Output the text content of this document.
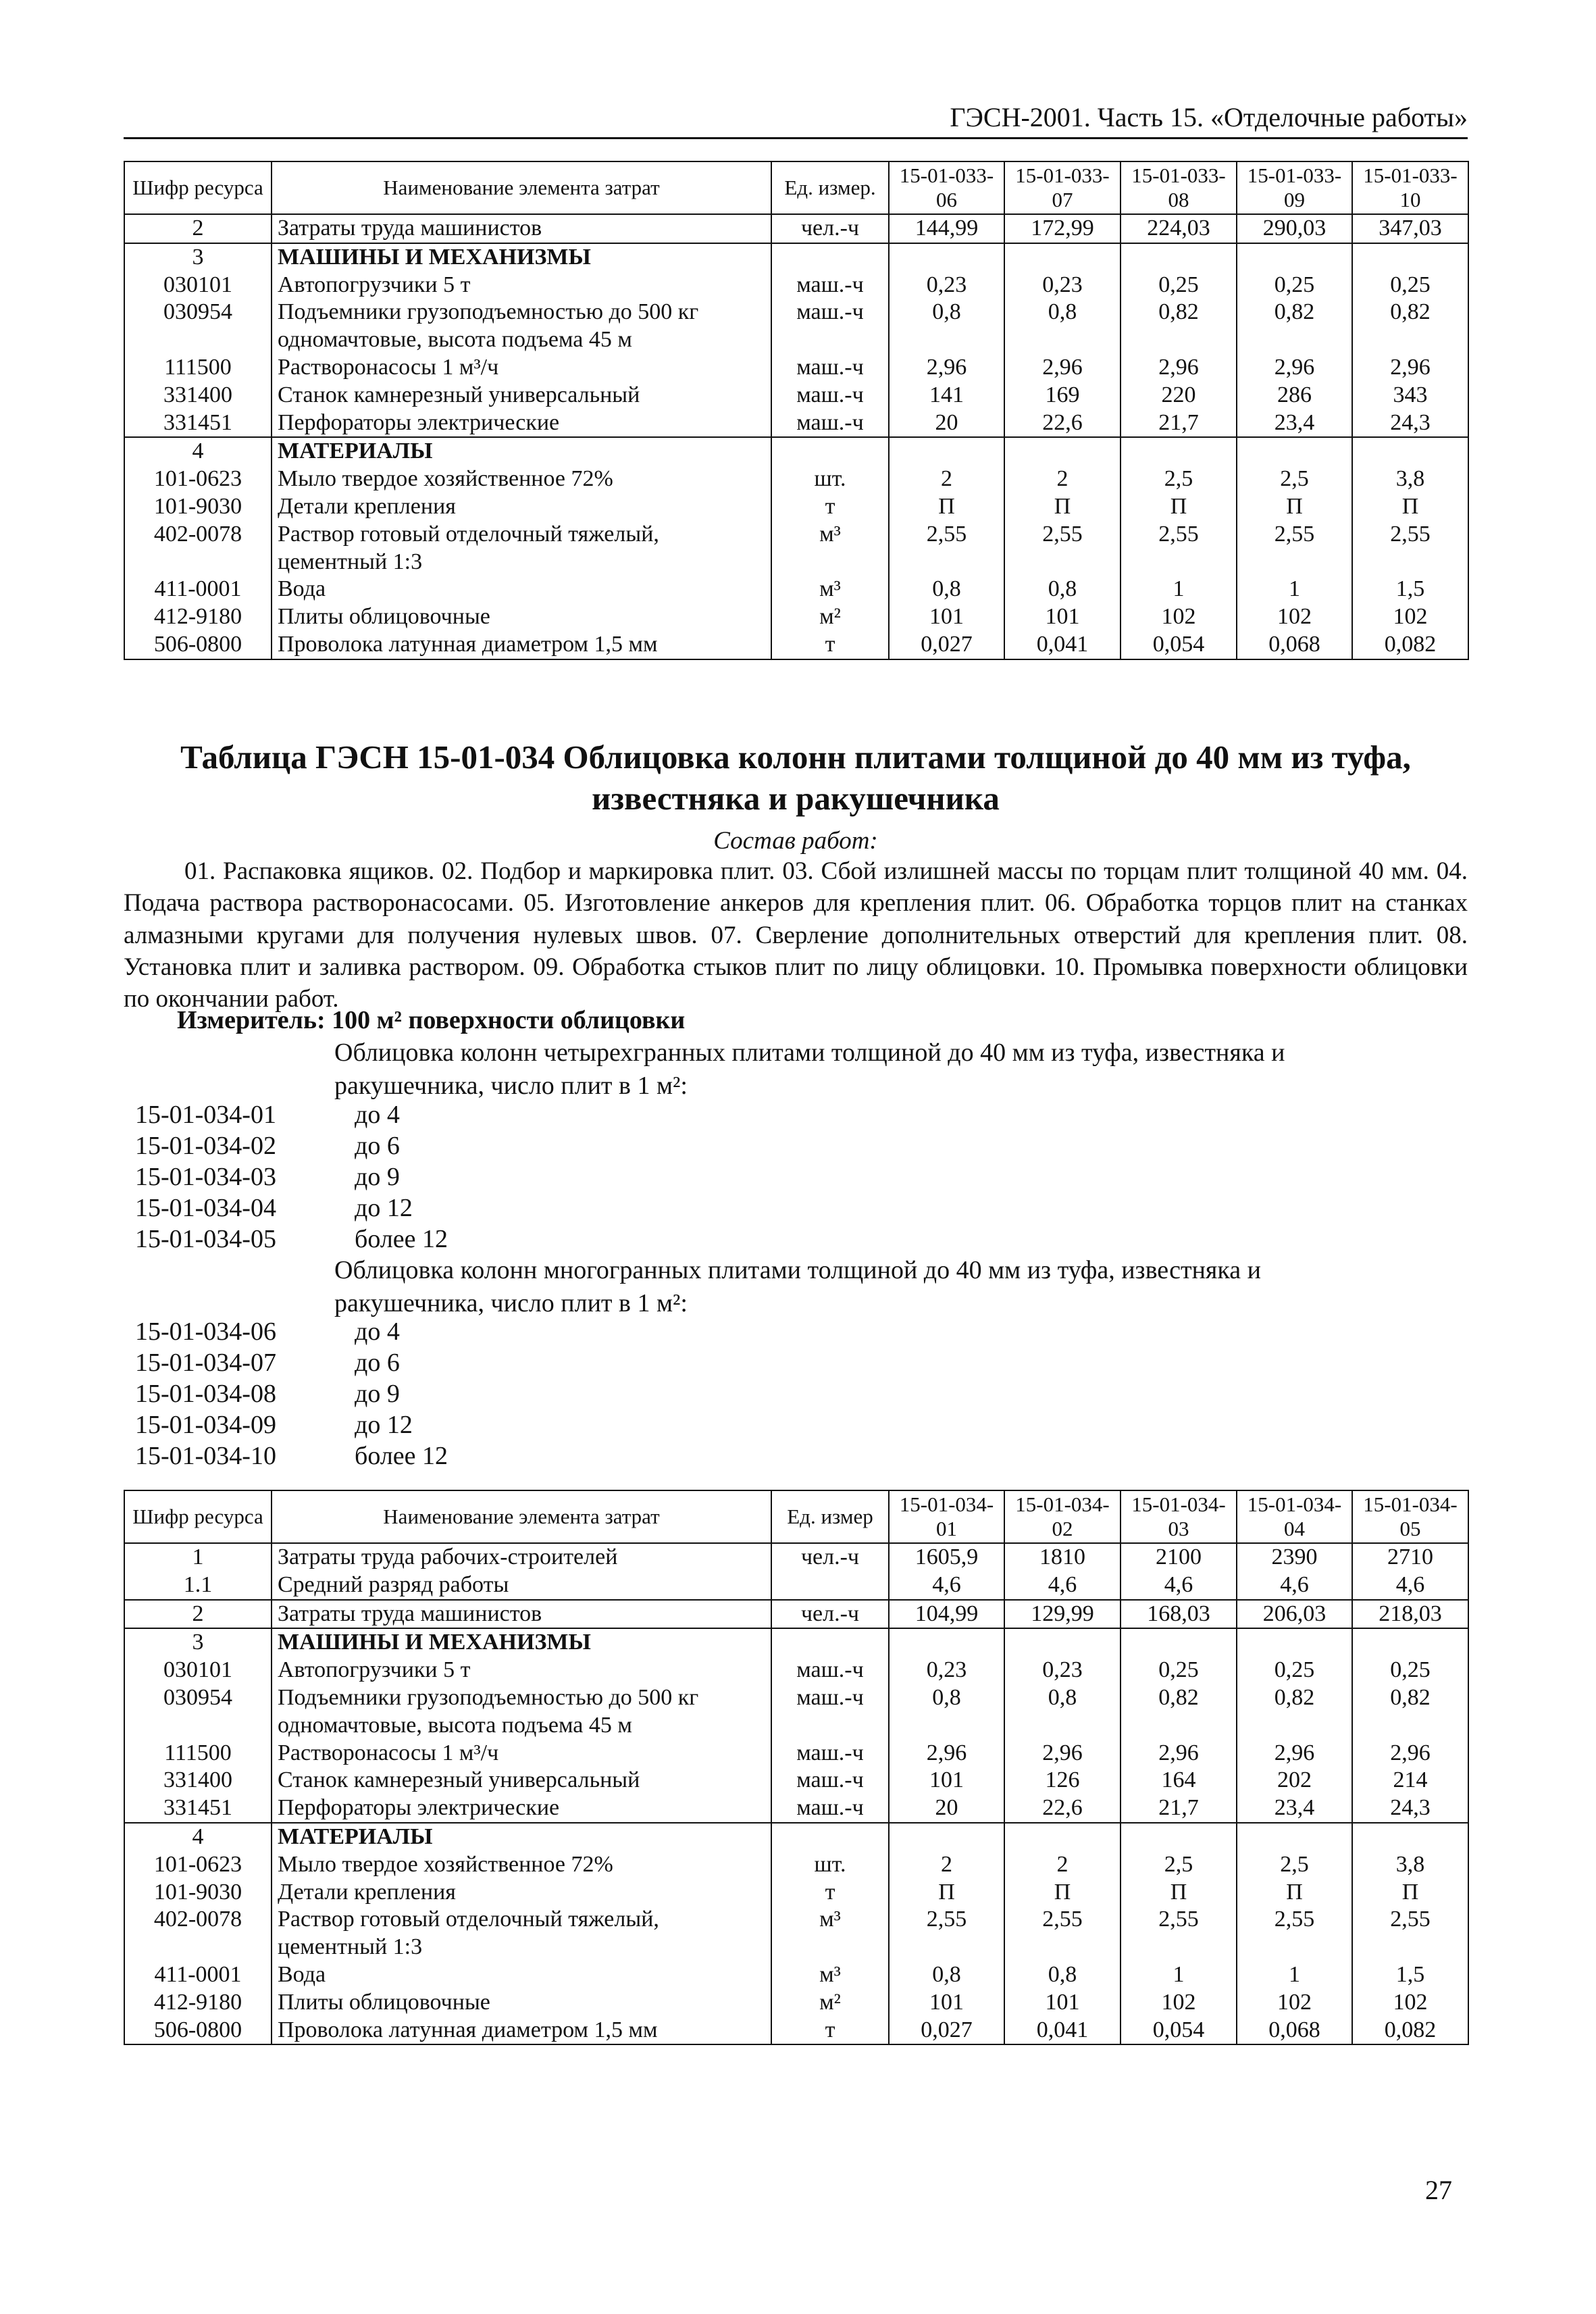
ГЭСН-2001. Часть 15. «Отделочные работы»
Шифр ресурса	Наименование элемента затрат	Ед. измер.	15-01-033-06	15-01-033-07	15-01-033-08	15-01-033-09	15-01-033-10
2	Затраты труда машинистов	чел.-ч	144,99	172,99	224,03	290,03	347,03
3	МАШИНЫ И МЕХАНИЗМЫ						
030101	Автопогрузчики 5 т	маш.-ч	0,23	0,23	0,25	0,25	0,25
030954	Подъемники грузоподъемностью до 500 кг одномачтовые, высота подъема 45 м	маш.-ч	0,8	0,8	0,82	0,82	0,82
111500	Растворонасосы 1 м³/ч	маш.-ч	2,96	2,96	2,96	2,96	2,96
331400	Станок камнерезный универсальный	маш.-ч	141	169	220	286	343
331451	Перфораторы электрические	маш.-ч	20	22,6	21,7	23,4	24,3
4	МАТЕРИАЛЫ						
101-0623	Мыло твердое хозяйственное 72%	шт.	2	2	2,5	2,5	3,8
101-9030	Детали крепления	т	П	П	П	П	П
402-0078	Раствор готовый отделочный тяжелый, цементный 1:3	м³	2,55	2,55	2,55	2,55	2,55
411-0001	Вода	м³	0,8	0,8	1	1	1,5
412-9180	Плиты облицовочные	м²	101	101	102	102	102
506-0800	Проволока латунная диаметром 1,5 мм	т	0,027	0,041	0,054	0,068	0,082
Таблица ГЭСН 15-01-034 Облицовка колонн плитами толщиной до 40 мм из туфа,
известняка и ракушечника
Состав работ:
01. Распаковка ящиков. 02. Подбор и маркировка плит. 03. Сбой излишней массы по торцам плит толщиной 40 мм. 04. Подача раствора растворонасосами. 05. Изготовление анкеров для крепления плит. 06. Обработка торцов плит на станках алмазными кругами для получения нулевых швов. 07. Сверление дополнительных отверстий для крепления плит. 08. Установка плит и заливка раствором. 09. Обработка стыков плит по лицу облицовки. 10. Промывка поверхности облицовки по окончании работ.
Измеритель: 100 м² поверхности облицовки
Облицовка колонн четырехгранных плитами толщиной до 40 мм из туфа, известняка и ракушечника, число плит в 1 м²:
15-01-034-01	до 4
15-01-034-02	до 6
15-01-034-03	до 9
15-01-034-04	до 12
15-01-034-05	более 12
Облицовка колонн многогранных плитами толщиной до 40 мм из туфа, известняка и ракушечника, число плит в 1 м²:
15-01-034-06	до 4
15-01-034-07	до 6
15-01-034-08	до 9
15-01-034-09	до 12
15-01-034-10	более 12
Шифр ресурса	Наименование элемента затрат	Ед. измер	15-01-034-01	15-01-034-02	15-01-034-03	15-01-034-04	15-01-034-05
1	Затраты труда рабочих-строителей	чел.-ч	1605,9	1810	2100	2390	2710
1.1	Средний разряд работы		4,6	4,6	4,6	4,6	4,6
2	Затраты труда машинистов	чел.-ч	104,99	129,99	168,03	206,03	218,03
3	МАШИНЫ И МЕХАНИЗМЫ						
030101	Автопогрузчики 5 т	маш.-ч	0,23	0,23	0,25	0,25	0,25
030954	Подъемники грузоподъемностью до 500 кг одномачтовые, высота подъема 45 м	маш.-ч	0,8	0,8	0,82	0,82	0,82
111500	Растворонасосы 1 м³/ч	маш.-ч	2,96	2,96	2,96	2,96	2,96
331400	Станок камнерезный универсальный	маш.-ч	101	126	164	202	214
331451	Перфораторы электрические	маш.-ч	20	22,6	21,7	23,4	24,3
4	МАТЕРИАЛЫ						
101-0623	Мыло твердое хозяйственное 72%	шт.	2	2	2,5	2,5	3,8
101-9030	Детали крепления	т	П	П	П	П	П
402-0078	Раствор готовый отделочный тяжелый, цементный 1:3	м³	2,55	2,55	2,55	2,55	2,55
411-0001	Вода	м³	0,8	0,8	1	1	1,5
412-9180	Плиты облицовочные	м²	101	101	102	102	102
506-0800	Проволока латунная диаметром 1,5 мм	т	0,027	0,041	0,054	0,068	0,082
27
